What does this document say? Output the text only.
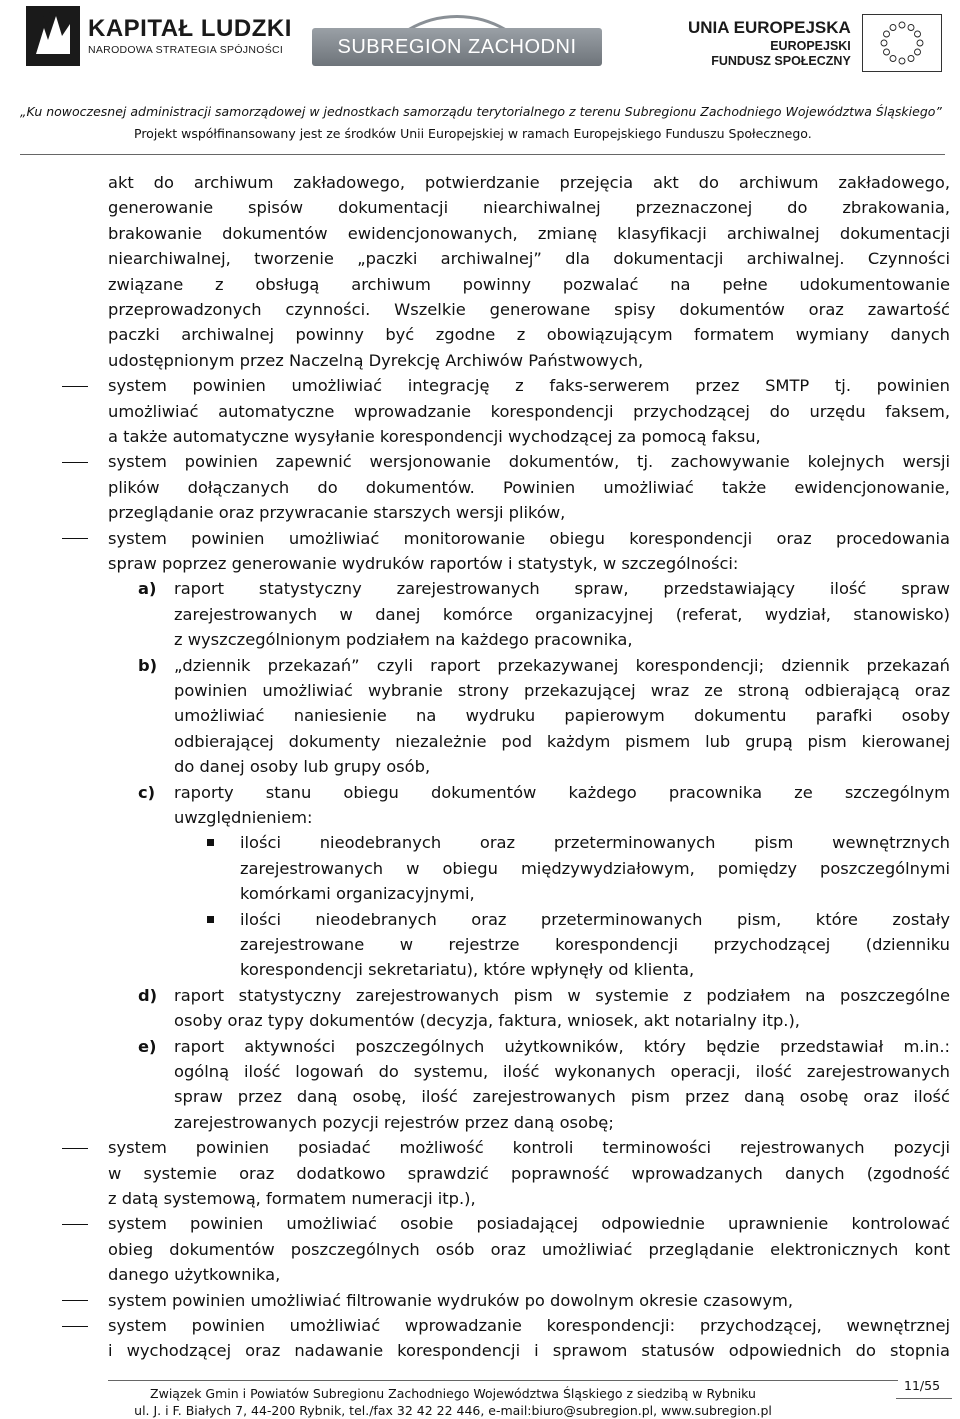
KAPITAŁ LUDZKI
NARODOWA STRATEGIA SPÓJNOŚCI	SUBREGION ZACHODNI
UNIA EUROPEJSKA
EUROPEJSKI
FUNDUSZ SPOŁECZNY
„Ku nowoczesnej administracji samorządowej w jednostkach samorządu terytorialnego z terenu Subregionu Zachodniego Województwa Śląskiego”
Projekt współfinansowany jest ze środków Unii Europejskiej w ramach Europejskiego Funduszu Społecznego.
akt do archiwum zakładowego, potwierdzanie przejęcia akt do archiwum zakładowego,
generowanie spisów dokumentacji niearchiwalnej przeznaczonej do zbrakowania,
brakowanie dokumentów ewidencjonowanych, zmianę klasyfikacji archiwalnej dokumentacji
niearchiwalnej, tworzenie „paczki archiwalnej” dla dokumentacji archiwalnej. Czynności
związane z obsługą archiwum powinny pozwalać na pełne udokumentowanie
przeprowadzonych czynności. Wszelkie generowane spisy dokumentów oraz zawartość
paczki archiwalnej powinny być zgodne z obowiązującym formatem wymiany danych
udostępnionym przez Naczelną Dyrekcję Archiwów Państwowych,
system powinien umożliwiać integrację z faks-serwerem przez SMTP tj. powinien
umożliwiać automatyczne wprowadzanie korespondencji przychodzącej do urzędu faksem,
a także automatyczne wysyłanie korespondencji wychodzącej za pomocą faksu,
system powinien zapewnić wersjonowanie dokumentów, tj. zachowywanie kolejnych wersji
plików dołączanych do dokumentów. Powinien umożliwiać także ewidencjonowanie,
przeglądanie oraz przywracanie starszych wersji plików,
system powinien umożliwiać monitorowanie obiegu korespondencji oraz procedowania
spraw poprzez generowanie wydruków raportów i statystyk, w szczególności:
a) raport statystyczny zarejestrowanych spraw, przedstawiający ilość spraw
zarejestrowanych w danej komórce organizacyjnej (referat, wydział, stanowisko)
z wyszczególnionym podziałem na każdego pracownika,
b) „dziennik przekazań” czyli raport przekazywanej korespondencji; dziennik przekazań
powinien umożliwiać wybranie strony przekazującej wraz ze stroną odbierającą oraz
umożliwiać naniesienie na wydruku papierowym dokumentu parafki osoby
odbierającej dokumenty niezależnie pod każdym pismem lub grupą pism kierowanej
do danej osoby lub grupy osób,
c) raporty stanu obiegu dokumentów każdego pracownika ze szczególnym
uwzględnieniem:
ilości nieodebranych oraz przeterminowanych pism wewnętrznych
zarejestrowanych w obiegu międzywydziałowym, pomiędzy poszczególnymi
komórkami organizacyjnymi,
ilości nieodebranych oraz przeterminowanych pism, które zostały
zarejestrowane w rejestrze korespondencji przychodzącej (dzienniku
korespondencji sekretariatu), które wpłynęły od klienta,
d) raport statystyczny zarejestrowanych pism w systemie z podziałem na poszczególne
osoby oraz typy dokumentów (decyzja, faktura, wniosek, akt notarialny itp.),
e) raport aktywności poszczególnych użytkowników, który będzie przedstawiał m.in.:
ogólną ilość logowań do systemu, ilość wykonanych operacji, ilość zarejestrowanych
spraw przez daną osobę, ilość zarejestrowanych pism przez daną osobę oraz ilość
zarejestrowanych pozycji rejestrów przez daną osobę;
system powinien posiadać możliwość kontroli terminowości rejestrowanych pozycji
w systemie oraz dodatkowo sprawdzić poprawność wprowadzanych danych (zgodność
z datą systemową, formatem numeracji itp.),
system powinien umożliwiać osobie posiadającej odpowiednie uprawnienie kontrolować
obieg dokumentów poszczególnych osób oraz umożliwiać przeglądanie elektronicznych kont
danego użytkownika,
system powinien umożliwiać filtrowanie wydruków po dowolnym okresie czasowym,
system powinien umożliwiać wprowadzanie korespondencji: przychodzącej, wewnętrznej
i wychodzącej oraz nadawanie korespondencji i sprawom statusów odpowiednich do stopnia
Związek Gmin i Powiatów Subregionu Zachodniego Województwa Śląskiego z siedzibą w Rybniku
ul. J. i F. Białych 7, 44-200 Rybnik, tel./fax 32 42 22 446, e-mail:biuro@subregion.pl, www.subregion.pl
11/55
